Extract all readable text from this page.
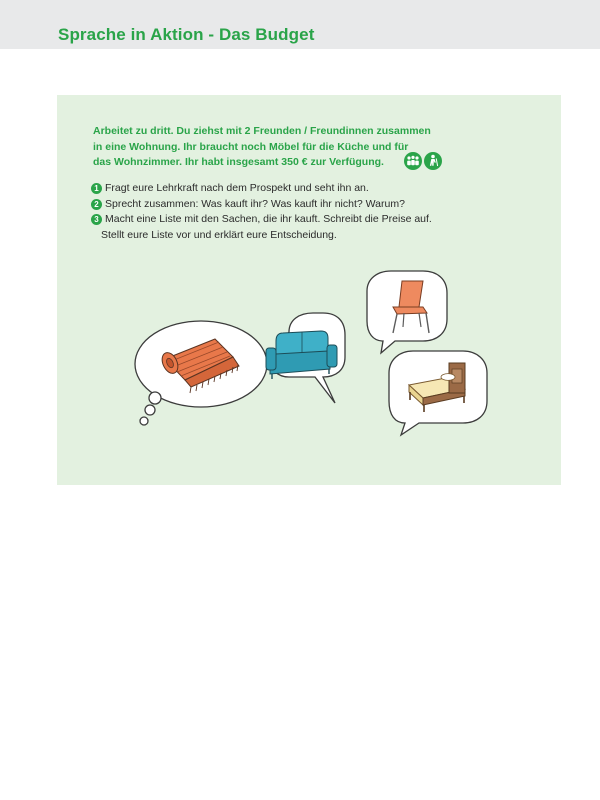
Sprache in Aktion - Das Budget

Arbeitet zu dritt. Du ziehst mit 2 Freunden / Freundinnen zusammen

in eine Wohnung. Ihr braucht noch Möbel für die Küche und für

das Wohnzimmer. Ihr habt insgesamt 350 € zur Verfügung.

1 Fragt eure Lehrkraft nach dem Prospekt und seht ihn an.

2 Sprecht zusammen: Was kauft ihr? Was kauft ihr nicht? Warum?

3 Macht eine Liste mit den Sachen, die ihr kauft. Schreibt die Preise auf.

Stellt eure Liste vor und erklärt eure Entscheidung.
